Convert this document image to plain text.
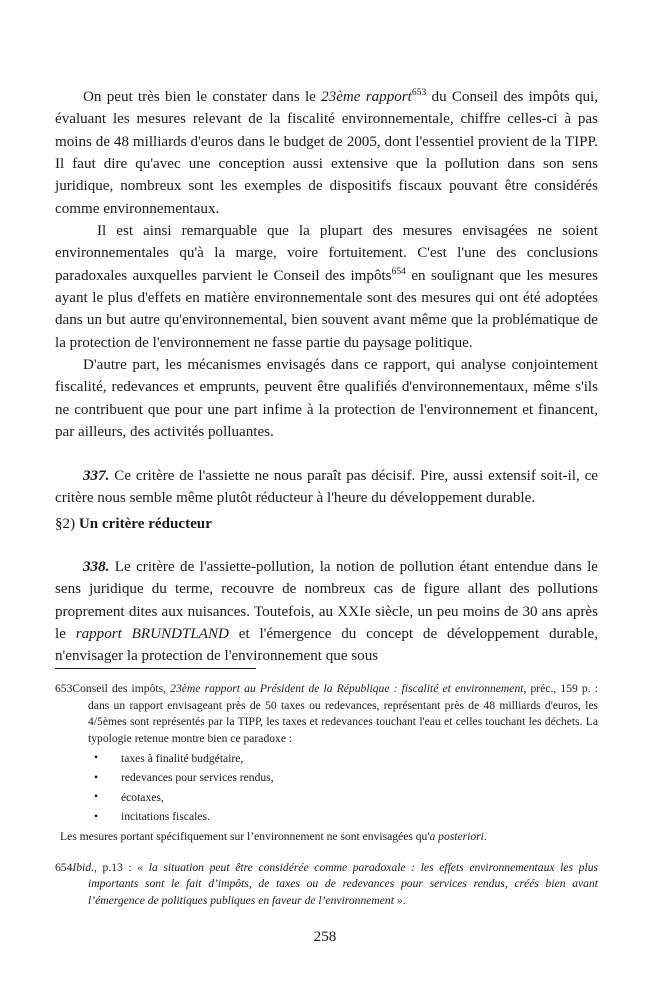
On peut très bien le constater dans le 23ème rapport$^{653}$ du Conseil des impôts qui, évaluant les mesures relevant de la fiscalité environnementale, chiffre celles-ci à pas moins de 48 milliards d'euros dans le budget de 2005, dont l'essentiel provient de la TIPP. Il faut dire qu'avec une conception aussi extensive que la pollution dans son sens juridique, nombreux sont les exemples de dispositifs fiscaux pouvant être considérés comme environnementaux.

Il est ainsi remarquable que la plupart des mesures envisagées ne soient environnementales qu'à la marge, voire fortuitement. C'est l'une des conclusions paradoxales auxquelles parvient le Conseil des impôts$^{654}$ en soulignant que les mesures ayant le plus d'effets en matière environnementale sont des mesures qui ont été adoptées dans un but autre qu'environnemental, bien souvent avant même que la problématique de la protection de l'environnement ne fasse partie du paysage politique.

D'autre part, les mécanismes envisagés dans ce rapport, qui analyse conjointement fiscalité, redevances et emprunts, peuvent être qualifiés d'environnementaux, même s'ils ne contribuent que pour une part infime à la protection de l'environnement et financent, par ailleurs, des activités polluantes.

337. Ce critère de l'assiette ne nous paraît pas décisif. Pire, aussi extensif soit-il, ce critère nous semble même plutôt réducteur à l'heure du développement durable.

§2) Un critère réducteur

338. Le critère de l'assiette-pollution, la notion de pollution étant entendue dans le sens juridique du terme, recouvre de nombreux cas de figure allant des pollutions proprement dites aux nuisances. Toutefois, au XXIe siècle, un peu moins de 30 ans après le rapport BRUNDTLAND et l'émergence du concept de développement durable, n'envisager la protection de l'environnement que sous

653Conseil des impôts, 23ème rapport au Président de la République : fiscalité et environnement, préc., 159 p. : dans un rapport envisageant près de 50 taxes ou redevances, représentant près de 48 milliards d'euros, les 4/5èmes sont représentés par la TIPP, les taxes et redevances touchant l'eau et celles touchant les déchets. La typologie retenue montre bien ce paradoxe :

• taxes à finalité budgétaire,
• redevances pour services rendus,
• écotaxes,
• incitations fiscales.

Les mesures portant spécifiquement sur l’environnement ne sont envisagées qu'a posteriori.

654Ibid., p.13 : « la situation peut être considérée comme paradoxale : les effets environnementaux les plus importants sont le fait d’impôts, de taxes ou de redevances pour services rendus, créés bien avant l’émergence de politiques publiques en faveur de l’environnement ».

258
